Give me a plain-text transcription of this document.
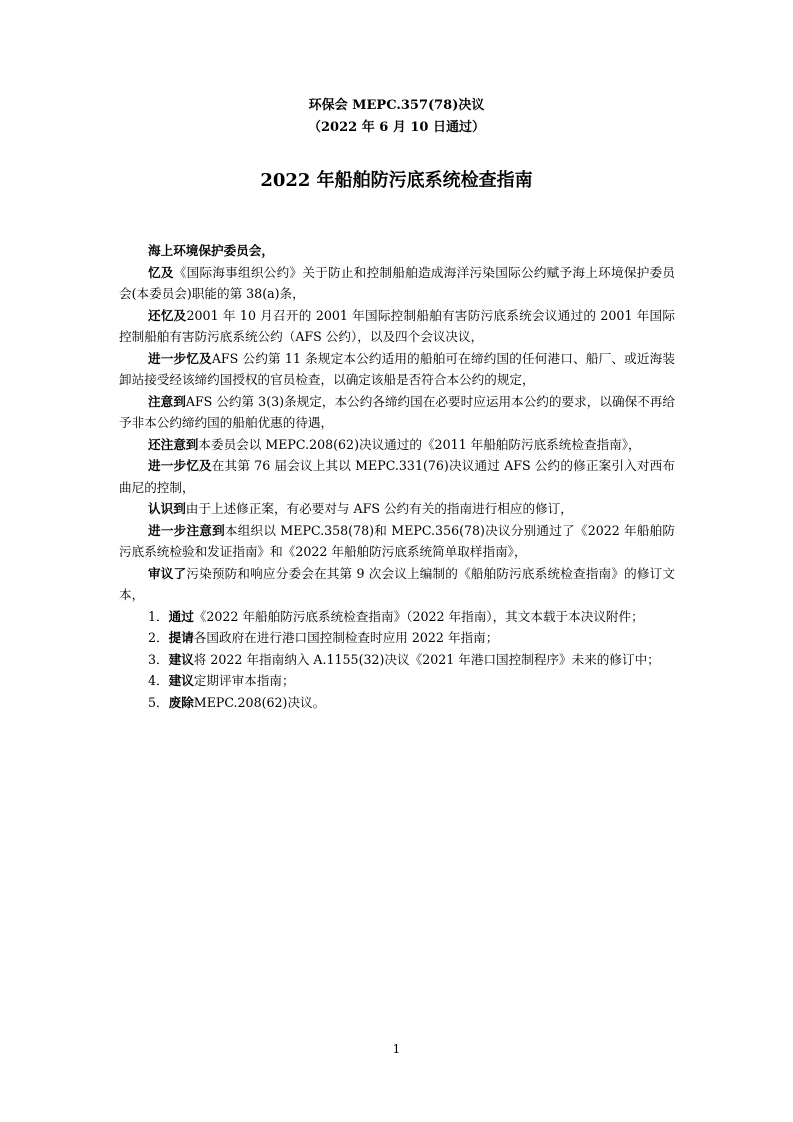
环保会 MEPC.357(78)决议
（2022 年 6 月 10 日通过）
2022 年船舶防污底系统检查指南

海上环境保护委员会，

忆及《国际海事组织公约》关于防止和控制船舶造成海洋污染国际公约赋予海上环境保护委员会(本委员会)职能的第 38(a)条，

还忆及2001 年 10 月召开的 2001 年国际控制船舶有害防污底系统会议通过的 2001 年国际控制船舶有害防污底系统公约（AFS 公约），以及四个会议决议，

进一步忆及AFS 公约第 11 条规定本公约适用的船舶可在缔约国的任何港口、船厂、或近海装卸站接受经该缔约国授权的官员检查，以确定该船是否符合本公约的规定，

注意到AFS 公约第 3(3)条规定，本公约各缔约国在必要时应运用本公约的要求，以确保不再给予非本公约缔约国的船舶优惠的待遇，

还注意到本委员会以 MEPC.208(62)决议通过的《2011 年船舶防污底系统检查指南》，

进一步忆及在其第 76 届会议上其以 MEPC.331(76)决议通过 AFS 公约的修正案引入对西布曲尼的控制，

认识到由于上述修正案，有必要对与 AFS 公约有关的指南进行相应的修订，

进一步注意到本组织以 MEPC.358(78)和 MEPC.356(78)决议分别通过了《2022 年船舶防污底系统检验和发证指南》和《2022 年船舶防污底系统简单取样指南》，

审议了污染预防和响应分委会在其第 9 次会议上编制的《船舶防污底系统检查指南》的修订文本，

1．通过《2022 年船舶防污底系统检查指南》（2022 年指南），其文本载于本决议附件；

2．提请各国政府在进行港口国控制检查时应用 2022 年指南；

3．建议将 2022 年指南纳入 A.1155(32)决议《2021 年港口国控制程序》未来的修订中；

4．建议定期评审本指南；

5．废除MEPC.208(62)决议。

1
